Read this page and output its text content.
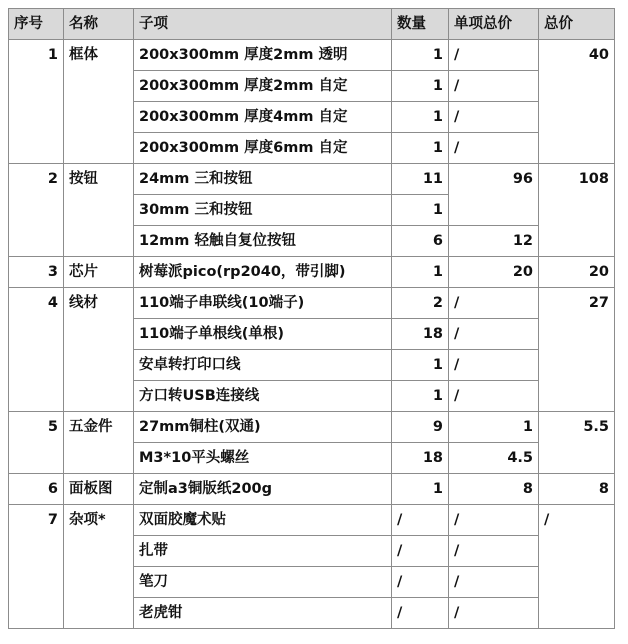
序号	名称	子项	数量	单项总价	总价
1	框体	200x300mm 厚度2mm 透明	1	/	40
		200x300mm 厚度2mm 自定	1	/	
		200x300mm 厚度4mm 自定	1	/	
		200x300mm 厚度6mm 自定	1	/	
2	按钮	24mm 三和按钮	11	96	108
		30mm 三和按钮	1		
		12mm 轻触自复位按钮	6	12	
3	芯片	树莓派pico(rp2040，带引脚)	1	20	20
4	线材	110端子串联线(10端子)	2	/	27
		110端子单根线(单根)	18	/	
		安卓转打印口线	1	/	
		方口转USB连接线	1	/	
5	五金件	27mm铜柱(双通)	9	1	5.5
		M3*10平头螺丝	18	4.5	
6	面板图	定制a3铜版纸200g	1	8	8
7	杂项*	双面胶魔术贴	/	/	/
		扎带	/	/	
		笔刀	/	/	
		老虎钳	/	/	
